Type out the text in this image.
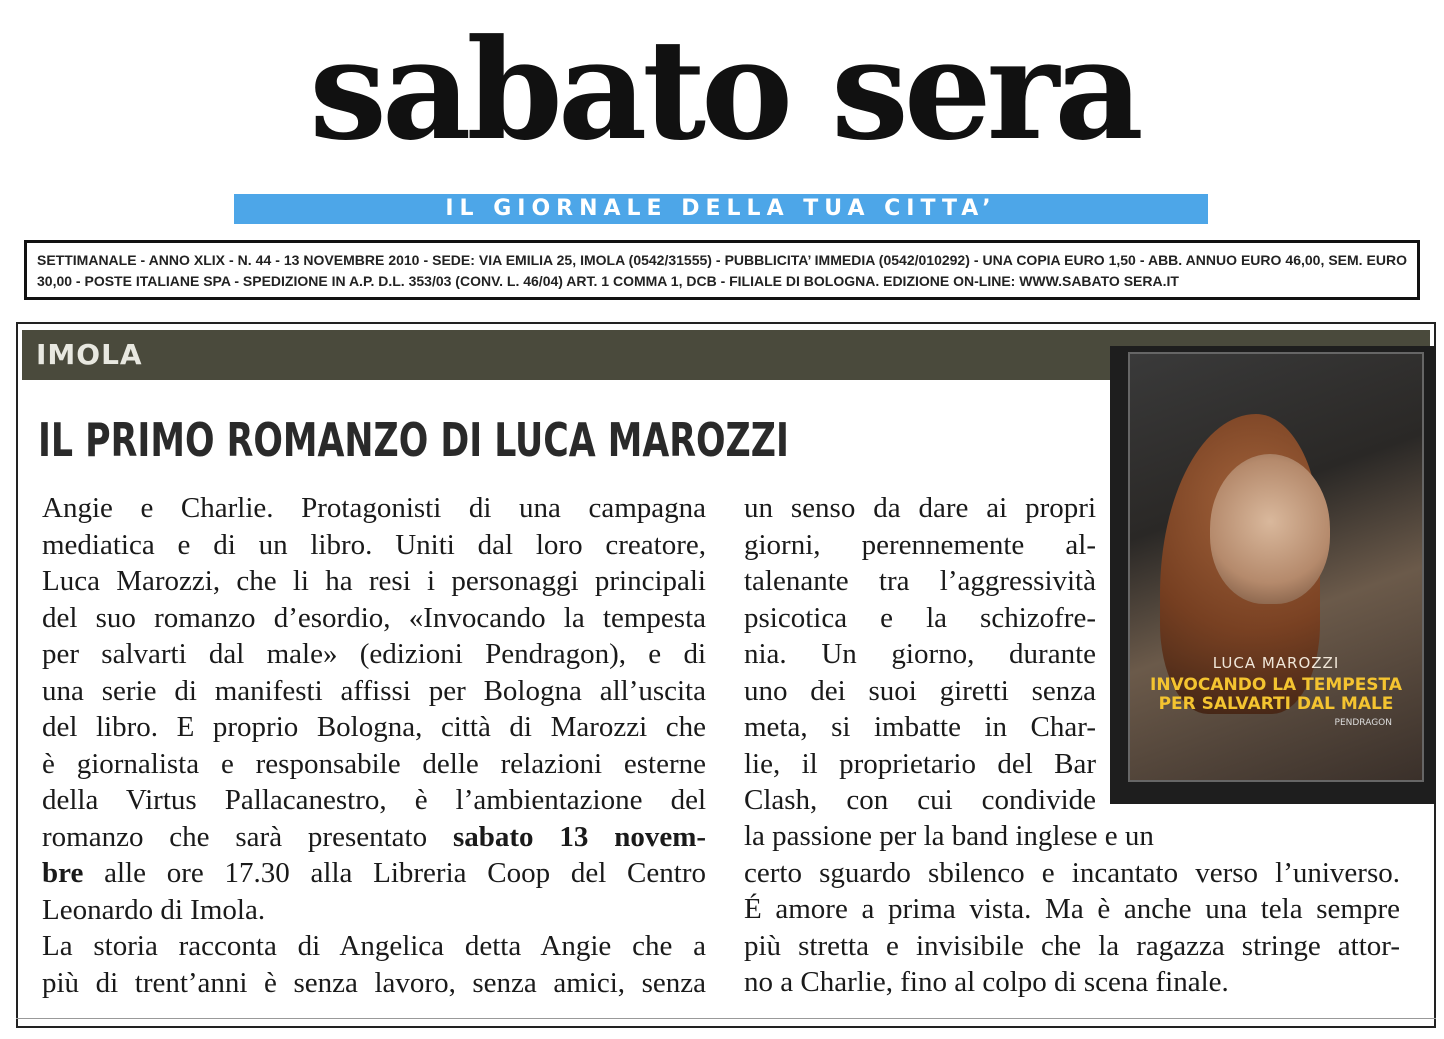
sabato sera
IL GIORNALE DELLA TUA CITTA’
SETTIMANALE - ANNO XLIX - N. 44 - 13 NOVEMBRE 2010 - SEDE: VIA EMILIA 25, IMOLA (0542/31555) - PUBBLICITA’ IMMEDIA (0542/010292) - UNA COPIA EURO 1,50 - ABB. ANNUO EURO 46,00, SEM. EURO 30,00 - POSTE ITALIANE SPA - SPEDIZIONE IN A.P. D.L. 353/03 (CONV. L. 46/04) ART. 1 COMMA 1, DCB - FILIALE DI BOLOGNA. EDIZIONE ON-LINE: WWW.SABATO SERA.IT
IMOLA
IL PRIMO ROMANZO DI LUCA MAROZZI
Angie e Charlie. Protagonisti di una campagna
mediatica e di un libro. Uniti dal loro creatore,
Luca Marozzi, che li ha resi i personaggi principali
del suo romanzo d’esordio, «Invocando la tempesta
per salvarti dal male» (edizioni Pendragon), e di
una serie di manifesti affissi per Bologna all’uscita
del libro. E proprio Bologna, città di Marozzi che
è giornalista e responsabile delle relazioni esterne
della Virtus Pallacanestro, è l’ambientazione del
romanzo che sarà presentato sabato 13 novem-
bre alle ore 17.30 alla Libreria Coop del Centro
Leonardo di Imola.
La storia racconta di Angelica detta Angie che a
più di trent’anni è senza lavoro, senza amici, senza
un senso da dare ai propri
giorni, perennemente al-
talenante tra l’aggressività
psicotica e la schizofre-
nia. Un giorno, durante
uno dei suoi giretti senza
meta, si imbatte in Char-
lie, il proprietario del Bar
Clash, con cui condivide
la passione per la band inglese e un
certo sguardo sbilenco e incantato verso l’universo.
É amore a prima vista. Ma è anche una tela sempre
più stretta e invisibile che la ragazza stringe attor-
no a Charlie, fino al colpo di scena finale.
LUCA MAROZZI
INVOCANDO LA TEMPESTA
PER SALVARTI DAL MALE
PENDRAGON
